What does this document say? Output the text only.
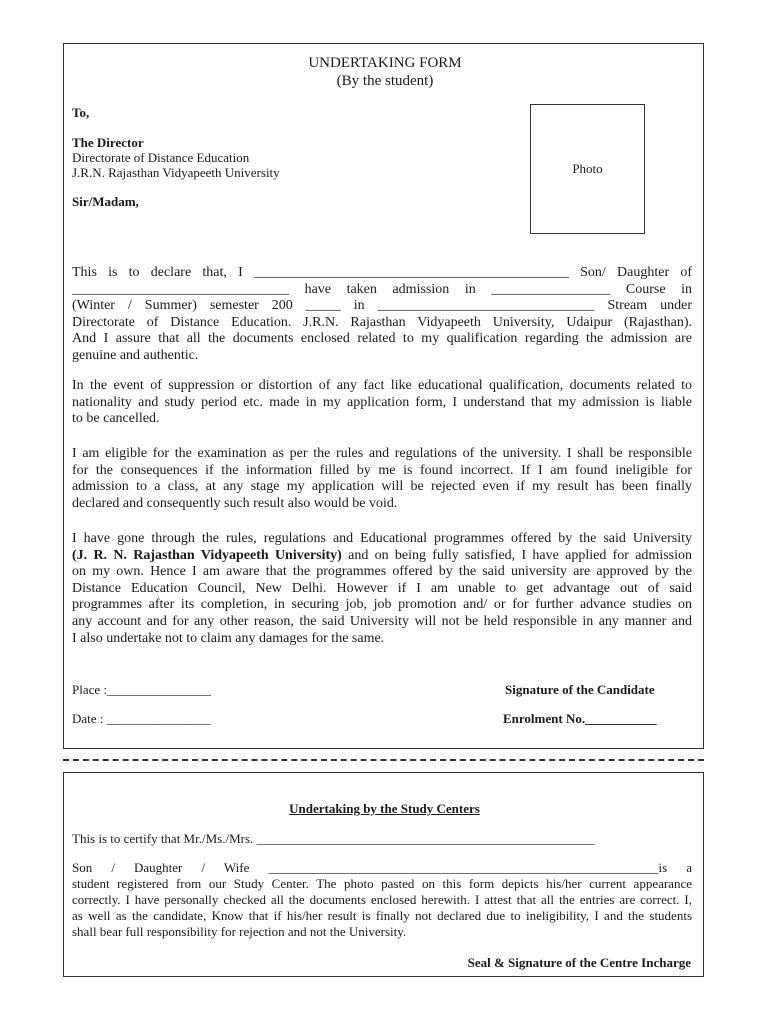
UNDERTAKING FORM
(By the student)
To,
The Director
Directorate of Distance Education
J.R.N. Rajasthan Vidyapeeth University
Sir/Madam,
Photo
This is to declare that, I _____________________________________________ Son/ Daughter of
_______________________________ have taken admission in _________________ Course in
(Winter / Summer) semester 200 _____ in _______________________________ Stream under
Directorate of Distance Education. J.R.N. Rajasthan Vidyapeeth University, Udaipur (Rajasthan).
And I assure that all the documents enclosed related to my qualification regarding the admission are
genuine and authentic.
In the event of suppression or distortion of any fact like educational qualification, documents related to
nationality and study period etc. made in my application form, I understand that my admission is liable
to be cancelled.
I am eligible for the examination as per the rules and regulations of the university. I shall be responsible
for the consequences if the information filled by me is found incorrect. If I am found ineligible for
admission to a class, at any stage my application will be rejected even if my result has been finally
declared and consequently such result also would be void.
I have gone through the rules, regulations and Educational programmes offered by the said University
(J. R. N. Rajasthan Vidyapeeth University) and on being fully satisfied, I have applied for admission
on my own. Hence I am aware that the programmes offered by the said university are approved by the
Distance Education Council, New Delhi. However if I am unable to get advantage out of said
programmes after its completion, in securing job, job promotion and/ or for further advance studies on
any account and for any other reason, the said University will not be held responsible in any manner and
I also undertake not to claim any damages for the same.
Place :________________	Signature of the Candidate
Date : ________________	Enrolment No.___________
Undertaking by the Study Centers
This is to certify that Mr./Ms./Mrs. ____________________________________________________
Son / Daughter / Wife ____________________________________________________________is a
student registered from our Study Center. The photo pasted on this form depicts his/her current appearance
correctly. I have personally checked all the documents enclosed herewith. I attest that all the entries are correct. I,
as well as the candidate, Know that if his/her result is finally not declared due to ineligibility, I and the students
shall bear full responsibility for rejection and not the University.
Seal & Signature of the Centre Incharge
